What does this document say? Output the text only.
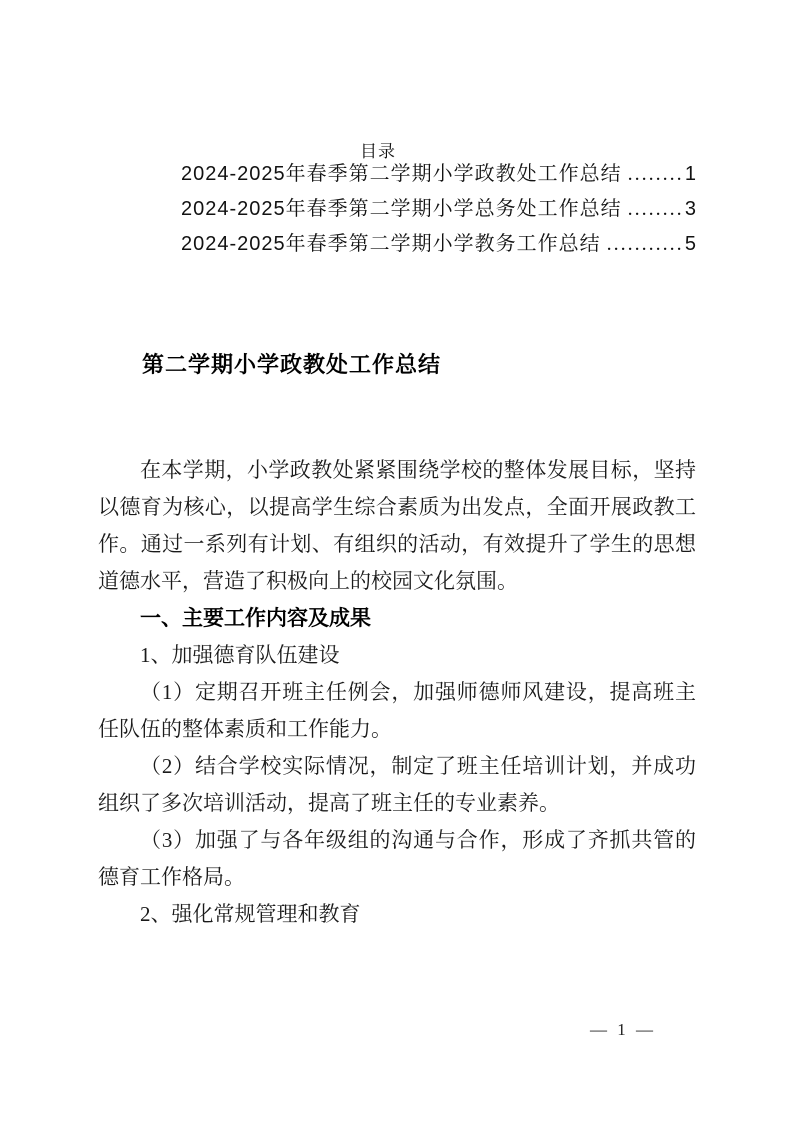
目录
2024-2025年春季第二学期小学政教处工作总结 .....	1
2024-2025年春季第二学期小学总务处工作总结 .....	3
2024-2025年春季第二学期小学教务工作总结 .....	5
第二学期小学政教处工作总结

在本学期，小学政教处紧紧围绕学校的整体发展目标，坚持以德育为核心，以提高学生综合素质为出发点，全面开展政教工作。通过一系列有计划、有组织的活动，有效提升了学生的思想道德水平，营造了积极向上的校园文化氛围。

一、主要工作内容及成果

1、加强德育队伍建设

（1）定期召开班主任例会，加强师德师风建设，提高班主任队伍的整体素质和工作能力。

（2）结合学校实际情况，制定了班主任培训计划，并成功组织了多次培训活动，提高了班主任的专业素养。

（3）加强了与各年级组的沟通与合作，形成了齐抓共管的德育工作格局。

2、强化常规管理和教育

— 1 —
